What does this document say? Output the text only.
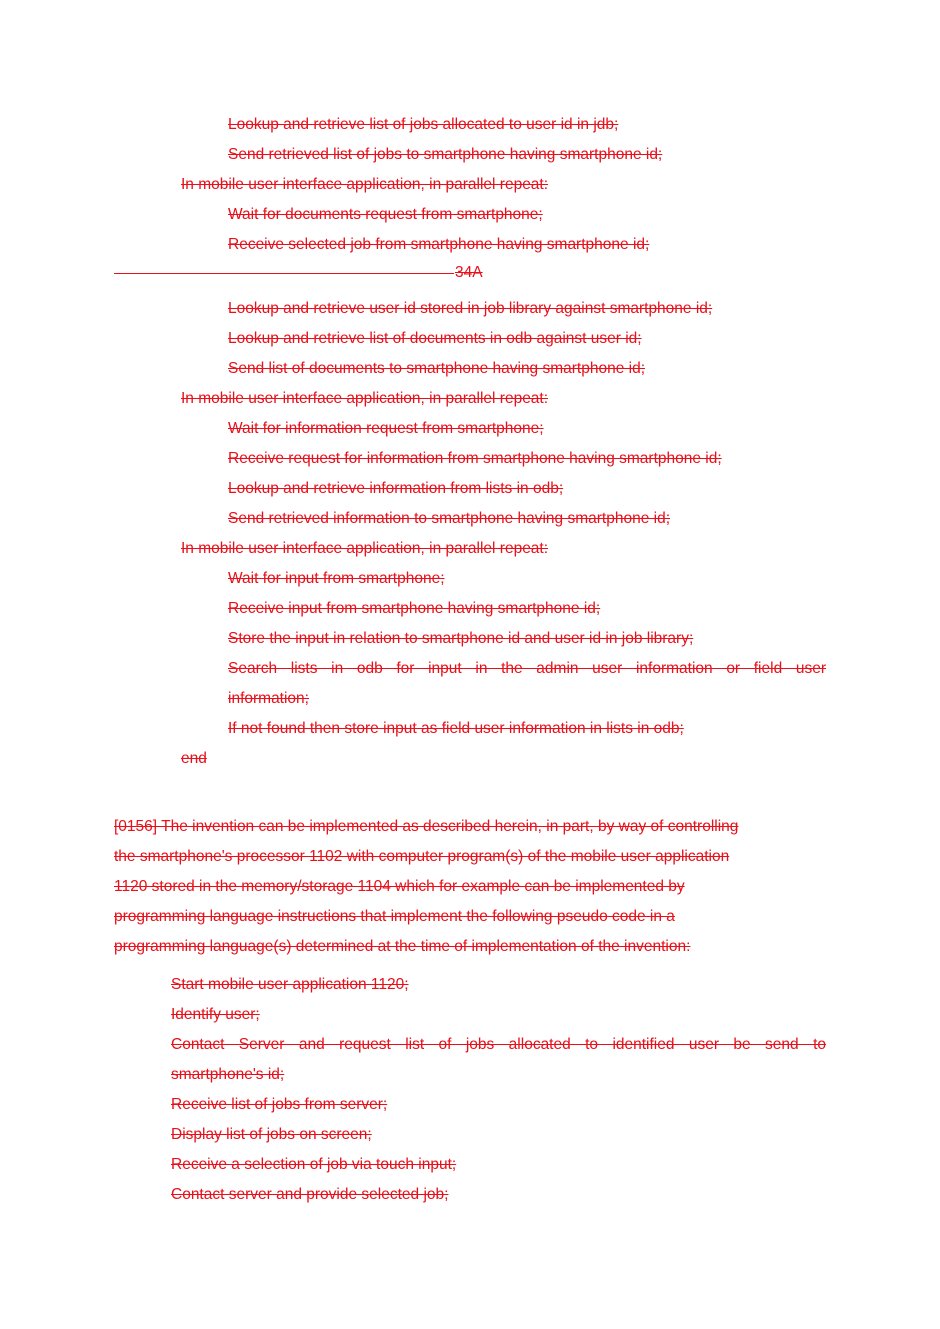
Lookup and retrieve list of jobs allocated to user id in jdb;
Send retrieved list of jobs to smartphone having smartphone id;
In mobile user interface application, in parallel repeat:
Wait for documents request from smartphone;
Receive selected job from smartphone having smartphone id;
34A
Lookup and retrieve user id stored in job library against smartphone id;
Lookup and retrieve list of documents in odb against user id;
Send list of documents to smartphone having smartphone id;
In mobile user interface application, in parallel repeat:
Wait for information request from smartphone;
Receive request for information from smartphone having smartphone id;
Lookup and retrieve information from lists in odb;
Send retrieved information to smartphone having smartphone id;
In mobile user interface application, in parallel repeat:
Wait for input from smartphone;
Receive input from smartphone having smartphone id;
Store the input in relation to smartphone id and user id in job library;
Search lists in odb for input in the admin user information or field user
information;
If not found then store input as field user information in lists in odb;
end
[0156] The invention can be implemented as described herein, in part, by way of controlling
the smartphone's processor 1102 with computer program(s) of the mobile user application
1120 stored in the memory/storage 1104 which for example can be implemented by
programming language instructions that implement the following pseudo code in a
programming language(s) determined at the time of implementation of the invention:
Start mobile user application 1120;
Identify user;
Contact Server and request list of jobs allocated to identified user be send to
smartphone's id;
Receive list of jobs from server;
Display list of jobs on screen;
Receive a selection of job via touch input;
Contact server and provide selected job;
